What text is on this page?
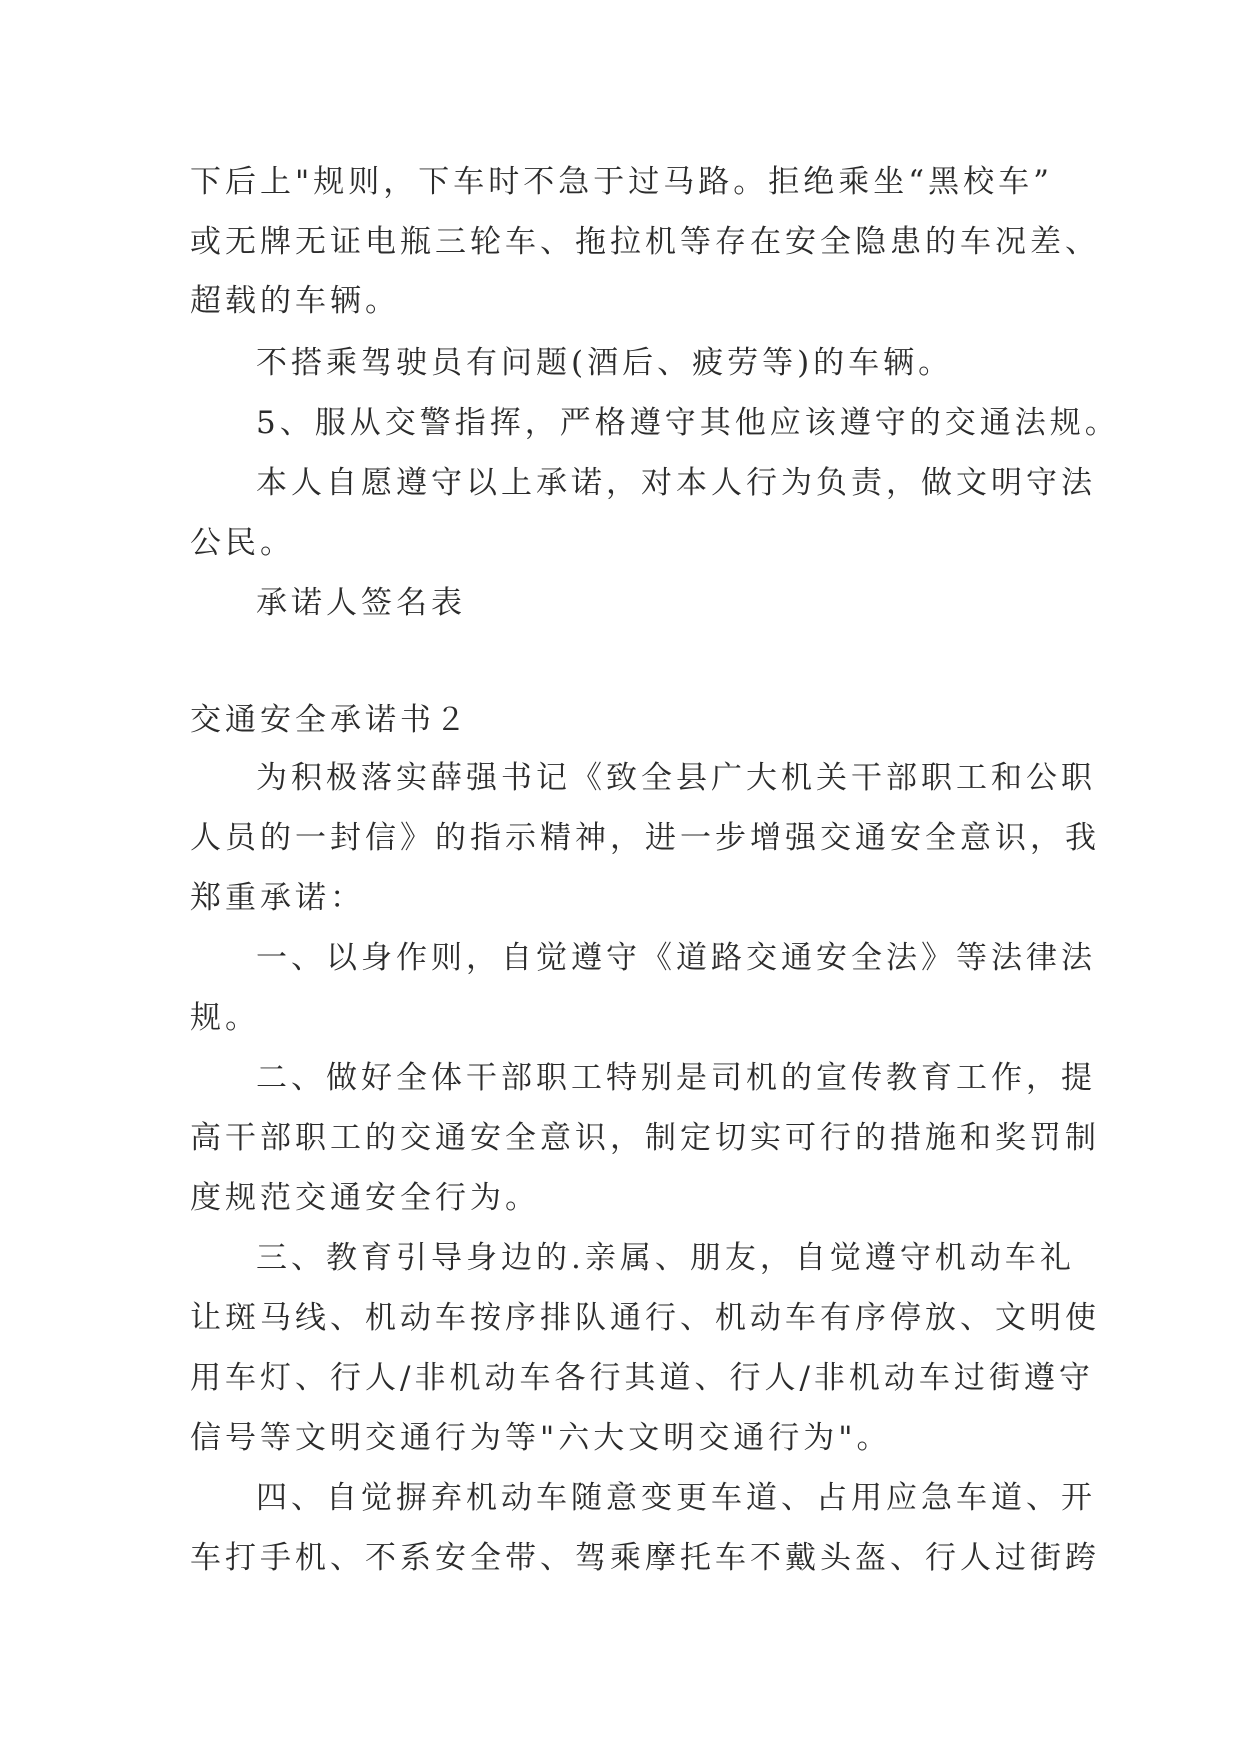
下后上"规则，下车时不急于过马路。拒绝乘坐“黑校车”
或无牌无证电瓶三轮车、拖拉机等存在安全隐患的车况差、
超载的车辆。
不搭乘驾驶员有问题(酒后、疲劳等)的车辆。
5、服从交警指挥，严格遵守其他应该遵守的交通法规。
本人自愿遵守以上承诺，对本人行为负责，做文明守法
公民。
承诺人签名表
交通安全承诺书２
为积极落实薛强书记《致全县广大机关干部职工和公职
人员的一封信》的指示精神，进一步增强交通安全意识，我
郑重承诺：
一、以身作则，自觉遵守《道路交通安全法》等法律法
规。
二、做好全体干部职工特别是司机的宣传教育工作，提
高干部职工的交通安全意识，制定切实可行的措施和奖罚制
度规范交通安全行为。
三、教育引导身边的.亲属、朋友，自觉遵守机动车礼
让斑马线、机动车按序排队通行、机动车有序停放、文明使
用车灯、行人/非机动车各行其道、行人/非机动车过街遵守
信号等文明交通行为等"六大文明交通行为"。
四、自觉摒弃机动车随意变更车道、占用应急车道、开
车打手机、不系安全带、驾乘摩托车不戴头盔、行人过街跨
